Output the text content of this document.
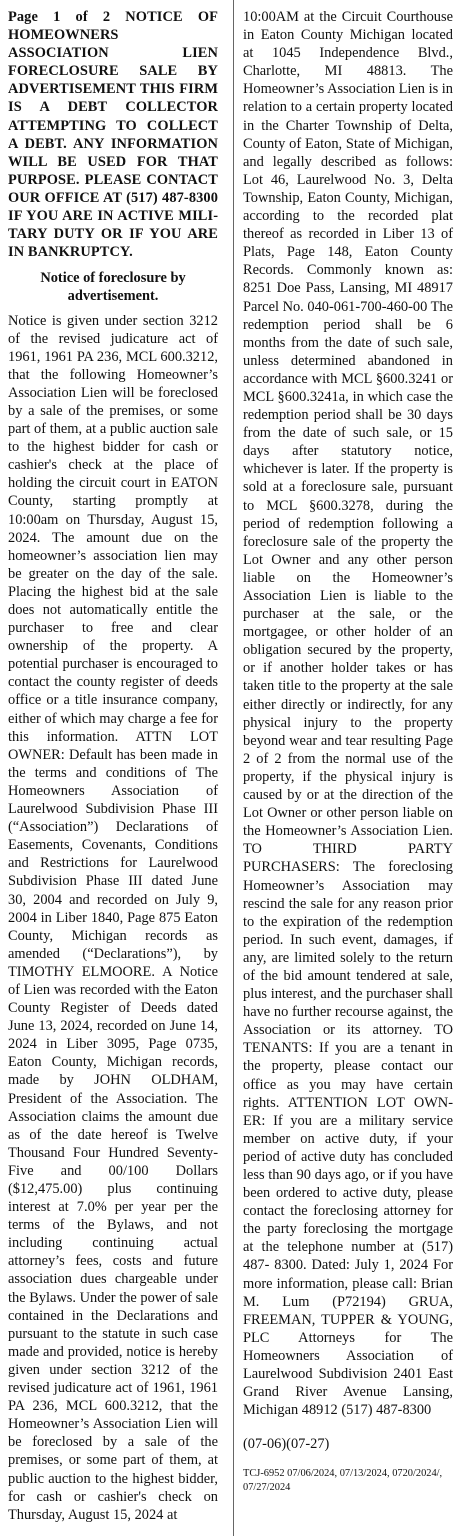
Page 1 of 2 NOTICE OF HOMEOWNERS ASSOCIATION LIEN FORECLOSURE SALE BY ADVERTISEMENT THIS FIRM IS A DEBT COLLECTOR ATTEMPTING TO COLLECT A DEBT. ANY INFORMATION WILL BE USED FOR THAT PURPOSE. PLEASE CONTACT OUR OFFICE AT (517) 487-8300 IF YOU ARE IN ACTIVE MILITARY DUTY OR IF YOU ARE IN BANKRUPTCY.

Notice of foreclosure by advertisement.

Notice is given under section 3212 of the revised judicature act of 1961, 1961 PA 236, MCL 600.3212, that the following Homeowner’s Association Lien will be foreclosed by a sale of the premises, or some part of them, at a public auction sale to the highest bidder for cash or cashier's check at the place of holding the circuit court in EATON County, starting promptly at 10:00am on Thursday, August 15, 2024. The amount due on the homeowner’s association lien may be greater on the day of the sale. Placing the highest bid at the sale does not automatically entitle the purchaser to free and clear ownership of the property. A potential purchaser is encouraged to contact the county register of deeds office or a title insurance company, either of which may charge a fee for this information. ATTN LOT OWNER: Default has been made in the terms and conditions of The Homeowners Association of Laurelwood Subdivision Phase III (“Association”) Declarations of Easements, Covenants, Conditions and Restrictions for Laurelwood Subdivision Phase III dated June 30, 2004 and recorded on July 9, 2004 in Liber 1840, Page 875 Eaton County, Michigan records as amended (“Declarations”), by TIMOTHY ELMOORE. A Notice of Lien was recorded with the Eaton County Register of Deeds dated June 13, 2024, recorded on June 14, 2024 in Liber 3095, Page 0735, Eaton County, Michigan records, made by JOHN OLDHAM, President of the Association. The Association claims the amount due as of the date hereof is Twelve Thousand Four Hundred Seventy-Five and 00/100 Dollars ($12,475.00) plus continuing interest at 7.0% per year per the terms of the Bylaws, and not including continuing actual attorney’s fees, costs and future association dues chargeable under the Bylaws. Under the power of sale contained in the Declarations and pursuant to the statute in such case made and provided, notice is hereby given under section 3212 of the revised judicature act of 1961, 1961 PA 236, MCL 600.3212, that the Homeowner’s Association Lien will be foreclosed by a sale of the premises, or some part of them, at public auction to the highest bidder, for cash or cashier's check on Thursday, August 15, 2024 at

10:00AM at the Circuit Courthouse in Eaton County Michigan located at 1045 Independence Blvd., Charlotte, MI 48813. The Homeowner’s Association Lien is in relation to a certain property located in the Charter Township of Delta, County of Eaton, State of Michigan, and legally described as follows: Lot 46, Laurelwood No. 3, Delta Township, Eaton County, Michigan, according to the recorded plat thereof as recorded in Liber 13 of Plats, Page 148, Eaton County Records. Commonly known as: 8251 Doe Pass, Lansing, MI 48917 Parcel No. 040-061-700-460-00 The redemption period shall be 6 months from the date of such sale, unless determined abandoned in accordance with MCL §600.3241 or MCL §600.3241a, in which case the redemption period shall be 30 days from the date of such sale, or 15 days after statutory notice, whichever is later. If the property is sold at a foreclosure sale, pursuant to MCL §600.3278, during the period of redemption following a foreclosure sale of the property the Lot Owner and any other person liable on the Homeowner’s Association Lien is liable to the purchaser at the sale, or the mortgagee, or other holder of an obligation secured by the property, or if another holder takes or has taken title to the property at the sale either directly or indirectly, for any physical injury to the property beyond wear and tear resulting Page 2 of 2 from the normal use of the property, if the physical injury is caused by or at the direction of the Lot Owner or other person liable on the Homeowner’s Association Lien. TO THIRD PARTY PURCHASERS: The foreclosing Homeowner’s Association may rescind the sale for any reason prior to the expiration of the redemption period. In such event, damages, if any, are limited solely to the return of the bid amount tendered at sale, plus interest, and the purchaser shall have no further recourse against, the Association or its attorney. TO TENANTS: If you are a tenant in the property, please contact our office as you may have certain rights. ATTENTION LOT OWNER: If you are a military service member on active duty, if your period of active duty has concluded less than 90 days ago, or if you have been ordered to active duty, please contact the foreclosing attorney for the party foreclosing the mortgage at the telephone number at (517) 487- 8300. Dated: July 1, 2024 For more information, please call: Brian M. Lum (P72194) GRUA, FREEMAN, TUPPER & YOUNG, PLC Attorneys for The Homeowners Association of Laurelwood Subdivision 2401 East Grand River Avenue Lansing, Michigan 48912 (517) 487-8300

(07-06)(07-27)

TCJ-6952 07/06/2024, 07/13/2024, 0720/2024/, 07/27/2024
